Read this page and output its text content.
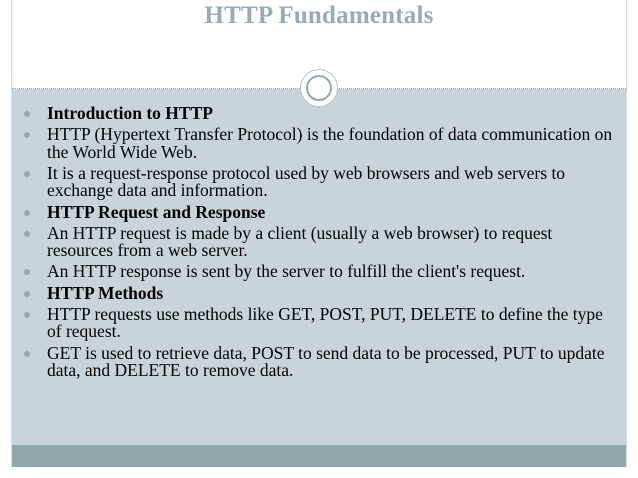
HTTP Fundamentals
Introduction to HTTP
HTTP (Hypertext Transfer Protocol) is the foundation of data communication on the World Wide Web.
It is a request-response protocol used by web browsers and web servers to exchange data and information.
HTTP Request and Response
An HTTP request is made by a client (usually a web browser) to request resources from a web server.
An HTTP response is sent by the server to fulfill the client's request.
HTTP Methods
HTTP requests use methods like GET, POST, PUT, DELETE to define the type of request.
GET is used to retrieve data, POST to send data to be processed, PUT to update data, and DELETE to remove data.
